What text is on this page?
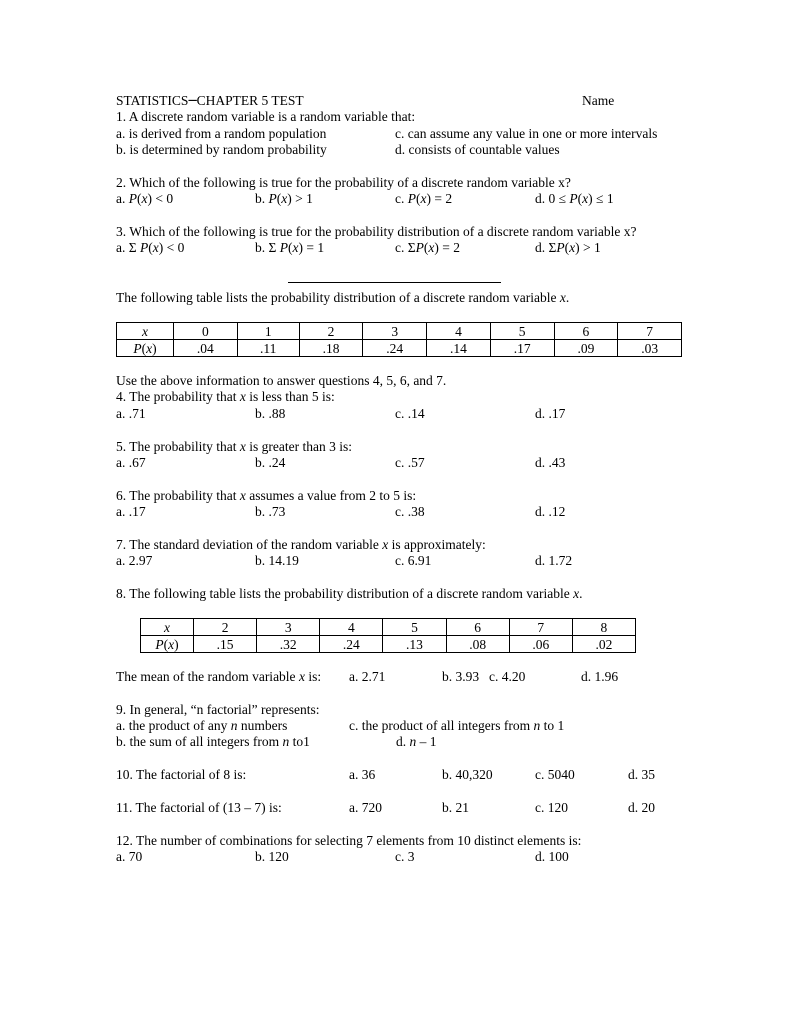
STATISTICS─CHAPTER 5 TEST	Name
1. A discrete random variable is a random variable that:
a. is derived from a random population	c. can assume any value in one or more intervals
b. is determined by random probability	d. consists of countable values
2. Which of the following is true for the probability of a discrete random variable x?
a. P(x) < 0	b. P(x) > 1	c. P(x) = 2	d. 0 ≤ P(x) ≤ 1
3. Which of the following is true for the probability distribution of a discrete random variable x?
a. Σ P(x) < 0	b. Σ P(x) = 1	c. ΣP(x) = 2	d. ΣP(x) > 1
The following table lists the probability distribution of a discrete random variable x.
x	0	1	2	3	4	5	6	7
P(x)	.04	.11	.18	.24	.14	.17	.09	.03
Use the above information to answer questions 4, 5, 6, and 7.
4. The probability that x is less than 5 is:
a. .71	b. .88	c. .14	d. .17
5. The probability that x is greater than 3 is:
a. .67	b. .24	c. .57	d. .43
6. The probability that x assumes a value from 2 to 5 is:
a. .17	b. .73	c. .38	d. .12
7. The standard deviation of the random variable x is approximately:
a. 2.97	b. 14.19	c. 6.91	d. 1.72
8. The following table lists the probability distribution of a discrete random variable x.
x	2	3	4	5	6	7	8
P(x)	.15	.32	.24	.13	.08	.06	.02
The mean of the random variable x is: a. 2.71	b. 3.93 c. 4.20	d. 1.96
9. In general, “n factorial” represents:
a. the product of any n numbers	c. the product of all integers from n to 1
b. the sum of all integers from n to1	d. n – 1
10. The factorial of 8 is:	a. 36	b. 40,320	c. 5040	d. 35
11. The factorial of (13 – 7) is:	a. 720	b. 21	c. 120	d. 20
12. The number of combinations for selecting 7 elements from 10 distinct elements is:
a. 70	b. 120	c. 3	d. 100
